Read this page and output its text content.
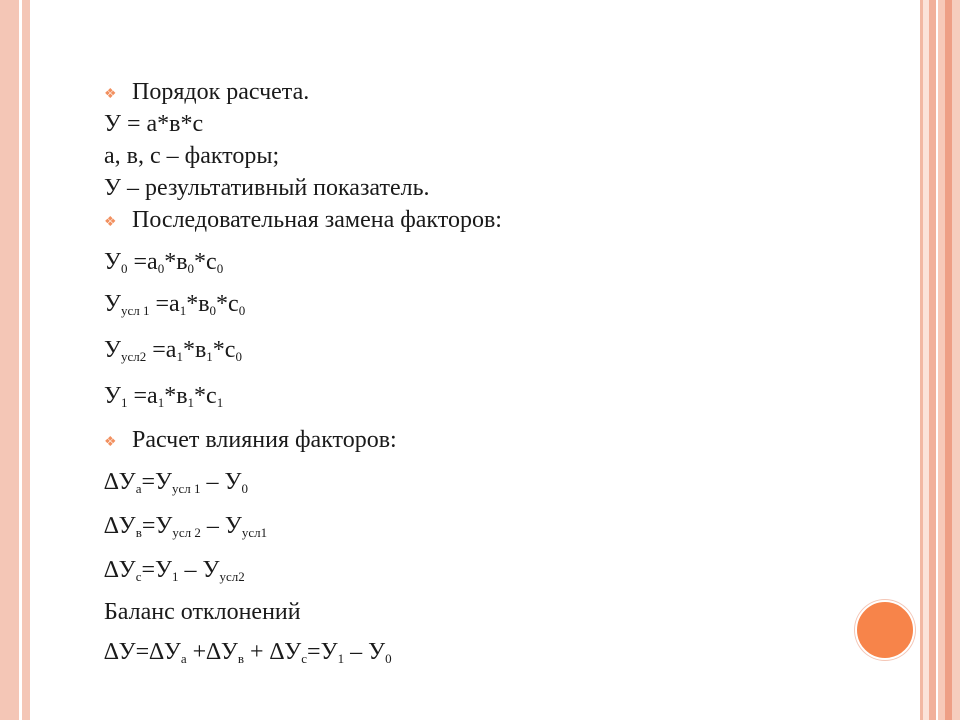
❖ Порядок расчета.
У = а*в*с
а, в, с – факторы;
У – результативный показатель.
❖ Последовательная замена факторов:
$У_0 =а_0*в_0*с_0$
$У_{усл 1} =а_1*в_0*с_0$
$У_{усл2} =а_1*в_1*с_0$
$У_1 =а_1*в_1*с_1$
❖ Расчет влияния факторов:
$\Delta У_а=У_{усл 1} - У_0$
$\Delta У_в=У_{усл 2} - У_{усл1}$
$\Delta У_с=У_1 - У_{усл2}$
Баланс отклонений
$\Delta У=\Delta У_а +\Delta У_в + \Delta У_с=У_1 - У_0$
